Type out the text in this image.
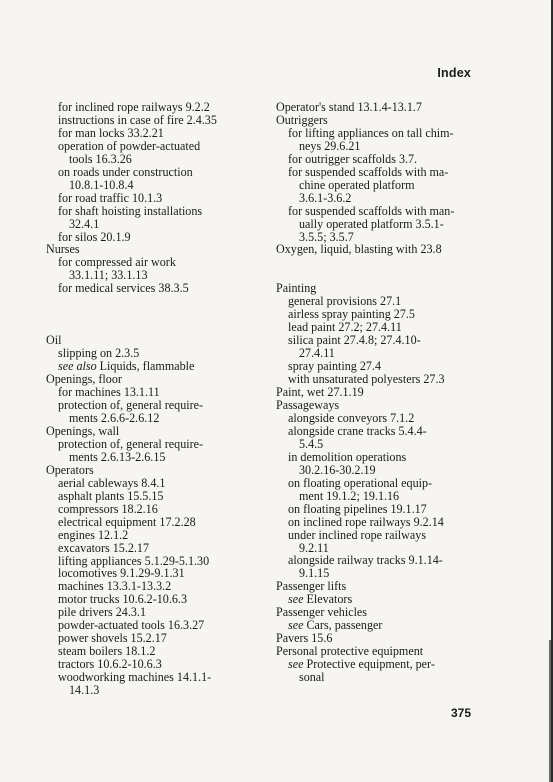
Index
for inclined rope railways 9.2.2
instructions in case of fire 2.4.35
for man locks 33.2.21
operation of powder-actuated
tools 16.3.26
on roads under construction
10.8.1-10.8.4
for road traffic 10.1.3
for shaft hoisting installations
32.4.1
for silos 20.1.9
Nurses
for compressed air work
33.1.11; 33.1.13
for medical services 38.3.5
Oil
slipping on 2.3.5
see also Liquids, flammable
Openings, floor
for machines 13.1.11
protection of, general require-
ments 2.6.6-2.6.12
Openings, wall
protection of, general require-
ments 2.6.13-2.6.15
Operators
aerial cableways 8.4.1
asphalt plants 15.5.15
compressors 18.2.16
electrical equipment 17.2.28
engines 12.1.2
excavators 15.2.17
lifting appliances 5.1.29-5.1.30
locomotives 9.1.29-9.1.31
machines 13.3.1-13.3.2
motor trucks 10.6.2-10.6.3
pile drivers 24.3.1
powder-actuated tools 16.3.27
power shovels 15.2.17
steam boilers 18.1.2
tractors 10.6.2-10.6.3
woodworking machines 14.1.1-
14.1.3
Operator's stand 13.1.4-13.1.7
Outriggers
for lifting appliances on tall chim-
neys 29.6.21
for outrigger scaffolds 3.7.
for suspended scaffolds with ma-
chine operated platform
3.6.1-3.6.2
for suspended scaffolds with man-
ually operated platform 3.5.1-
3.5.5; 3.5.7
Oxygen, liquid, blasting with 23.8
Painting
general provisions 27.1
airless spray painting 27.5
lead paint 27.2; 27.4.11
silica paint 27.4.8; 27.4.10-
27.4.11
spray painting 27.4
with unsaturated polyesters 27.3
Paint, wet 27.1.19
Passageways
alongside conveyors 7.1.2
alongside crane tracks 5.4.4-
5.4.5
in demolition operations
30.2.16-30.2.19
on floating operational equip-
ment 19.1.2; 19.1.16
on floating pipelines 19.1.17
on inclined rope railways 9.2.14
under inclined rope railways
9.2.11
alongside railway tracks 9.1.14-
9.1.15
Passenger lifts
see Elevators
Passenger vehicles
see Cars, passenger
Pavers 15.6
Personal protective equipment
see Protective equipment, per-
sonal
375
